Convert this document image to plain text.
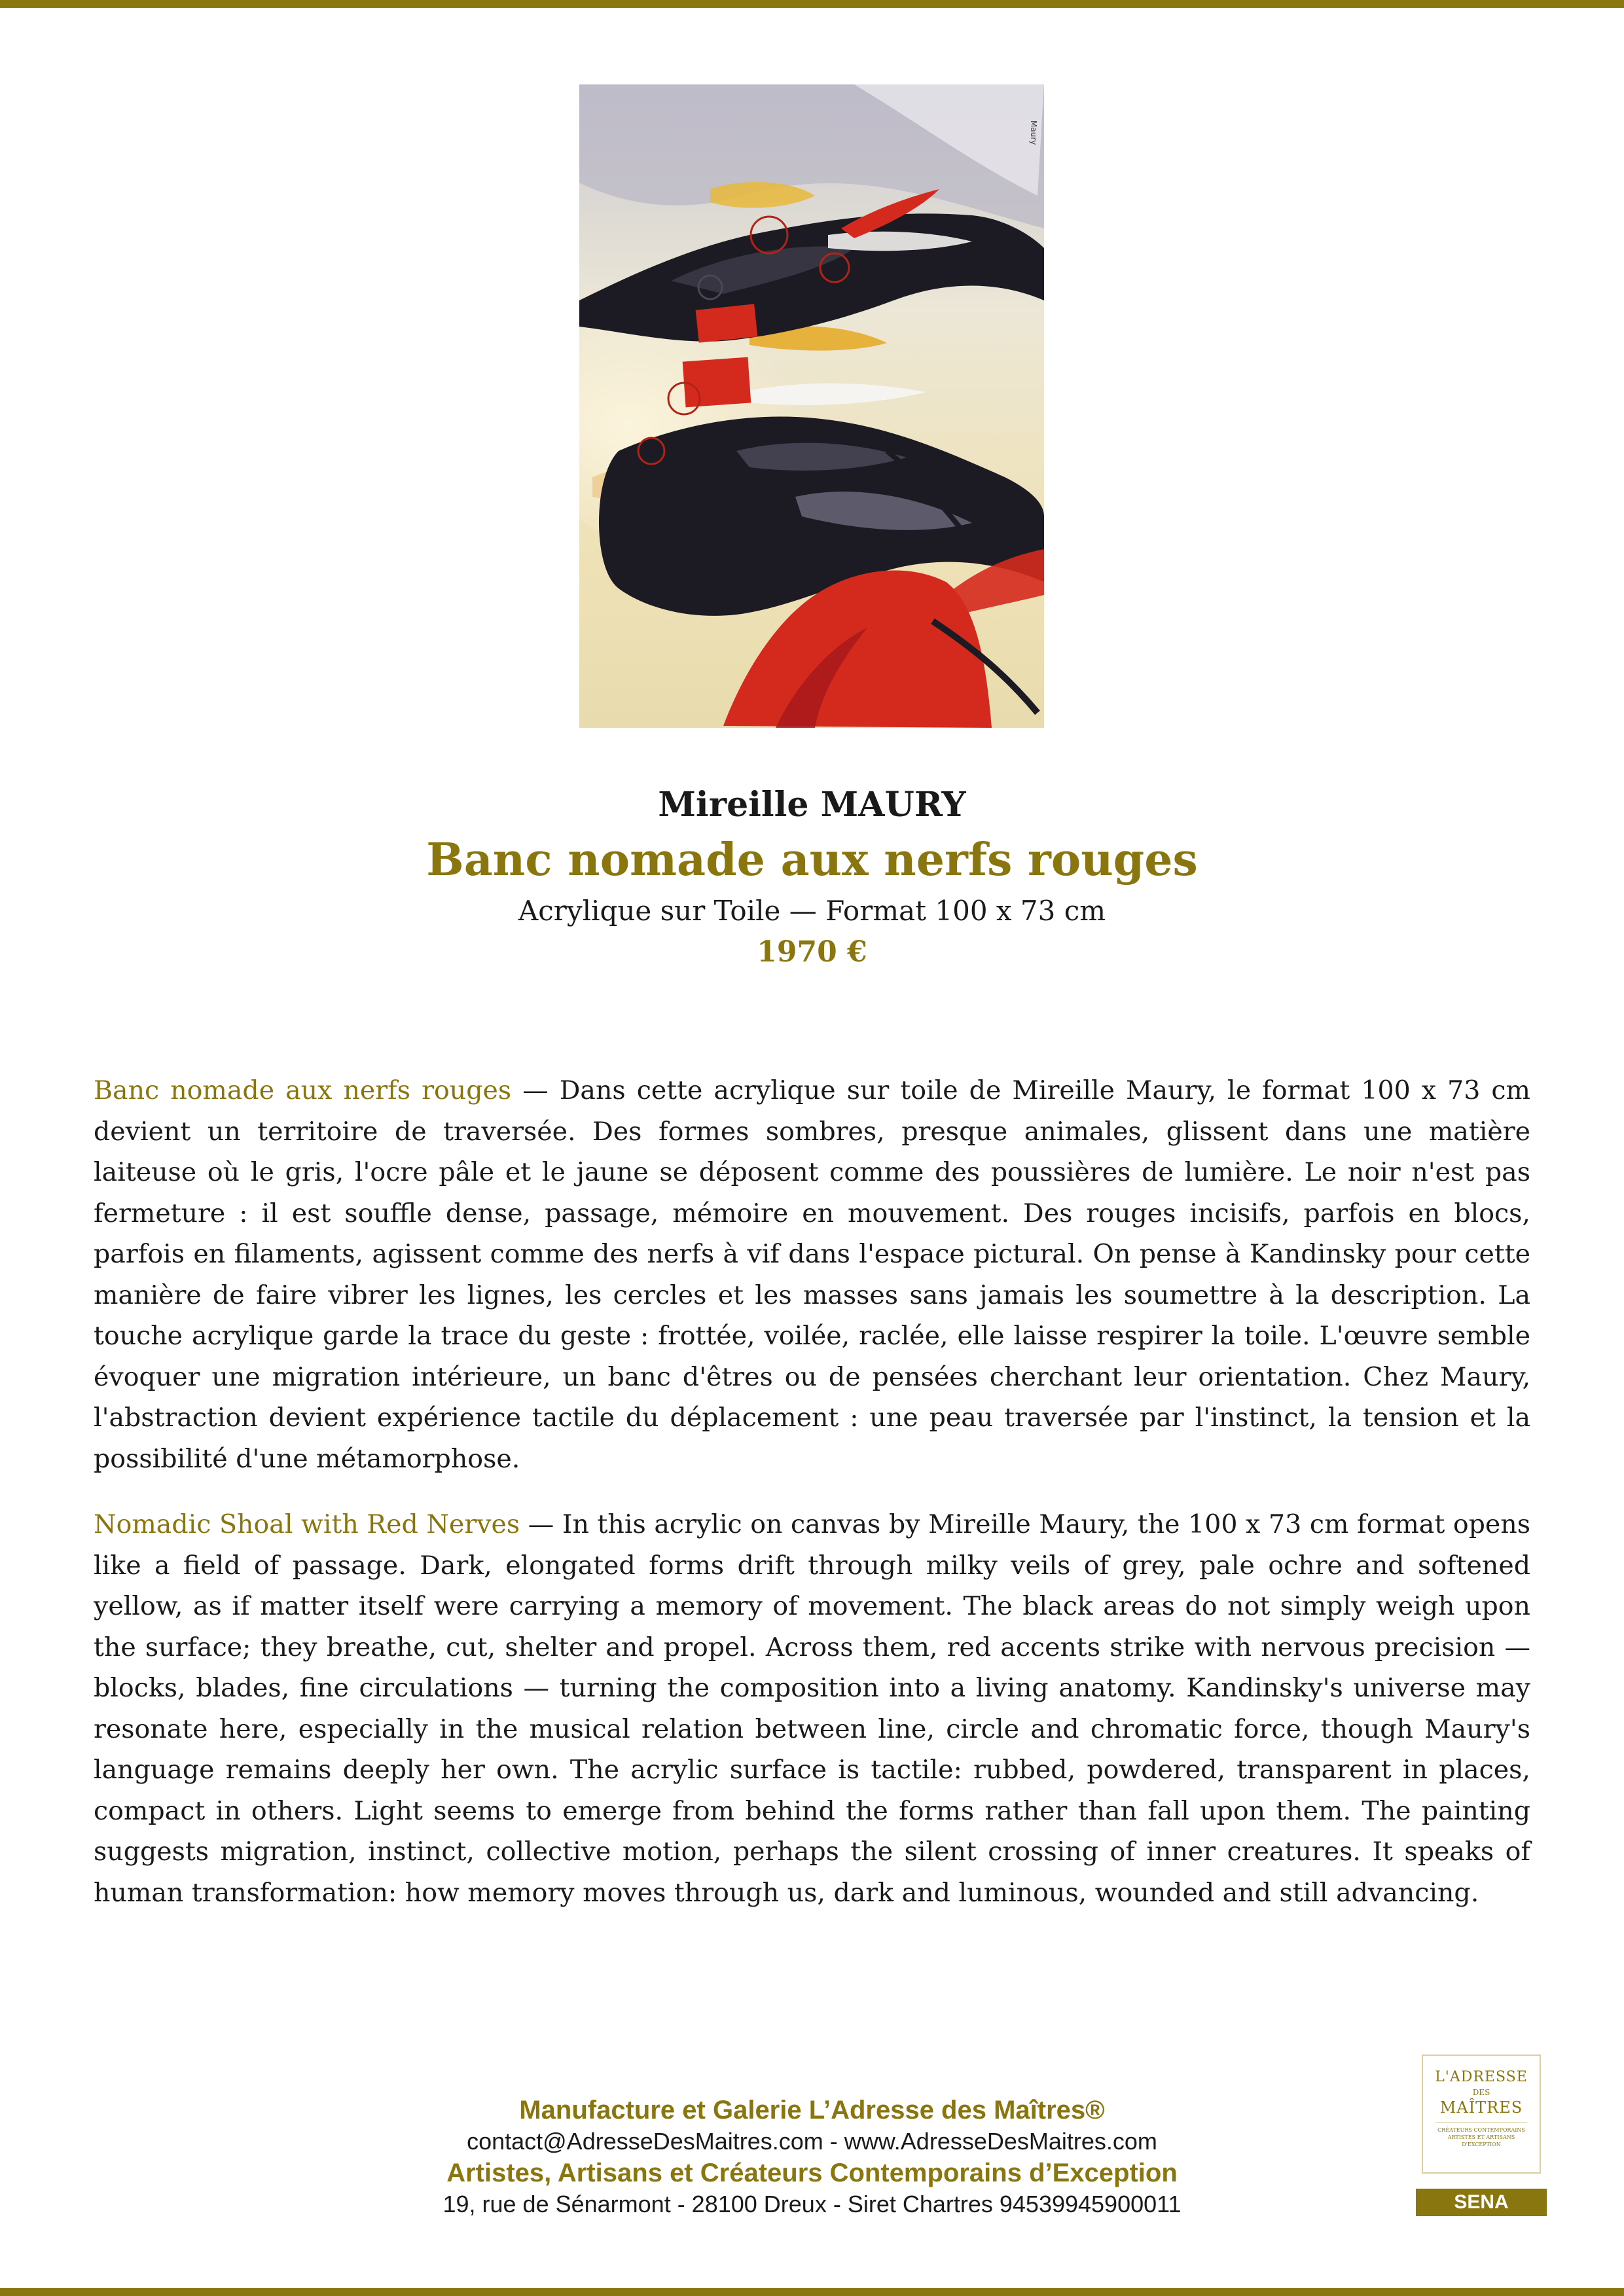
Maury
Mireille MAURY
Banc nomade aux nerfs rouges
Acrylique sur Toile — Format 100 x 73 cm
1970 €

Banc nomade aux nerfs rouges — Dans cette acrylique sur toile de Mireille Maury, le format 100 x 73 cm devient un territoire de traversée. Des formes sombres, presque animales, glissent dans une matière laiteuse où le gris, l'ocre pâle et le jaune se déposent comme des poussières de lumière. Le noir n'est pas fermeture : il est souffle dense, passage, mémoire en mouvement. Des rouges incisifs, parfois en blocs, parfois en filaments, agissent comme des nerfs à vif dans l'espace pictural. On pense à Kandinsky pour cette manière de faire vibrer les lignes, les cercles et les masses sans jamais les soumettre à la description. La touche acrylique garde la trace du geste : frottée, voilée, raclée, elle laisse respirer la toile. L'œuvre semble évoquer une migration intérieure, un banc d'êtres ou de pensées cherchant leur orientation. Chez Maury, l'abstraction devient expérience tactile du déplacement : une peau traversée par l'instinct, la tension et la possibilité d'une métamorphose.

Nomadic Shoal with Red Nerves — In this acrylic on canvas by Mireille Maury, the 100 x 73 cm format opens like a field of passage. Dark, elongated forms drift through milky veils of grey, pale ochre and softened yellow, as if matter itself were carrying a memory of movement. The black areas do not simply weigh upon the surface; they breathe, cut, shelter and propel. Across them, red accents strike with nervous precision — blocks, blades, fine circulations — turning the composition into a living anatomy. Kandinsky's universe may resonate here, especially in the musical relation between line, circle and chromatic force, though Maury's language remains deeply her own. The acrylic surface is tactile: rubbed, powdered, transparent in places, compact in others. Light seems to emerge from behind the forms rather than fall upon them. The painting suggests migration, instinct, collective motion, perhaps the silent crossing of inner creatures. It speaks of human transformation: how memory moves through us, dark and luminous, wounded and still advancing.

Manufacture et Galerie L’Adresse des Maîtres®
contact@AdresseDesMaitres.com - www.AdresseDesMaitres.com
Artistes, Artisans et Créateurs Contemporains d’Exception
19, rue de Sénarmont - 28100 Dreux - Siret Chartres 94539945900011
L'ADRESSE
DES
MAÎTRES
CRÉATEURS CONTEMPORAINS ARTISTES ET ARTISANS D'EXCEPTION
SENA
